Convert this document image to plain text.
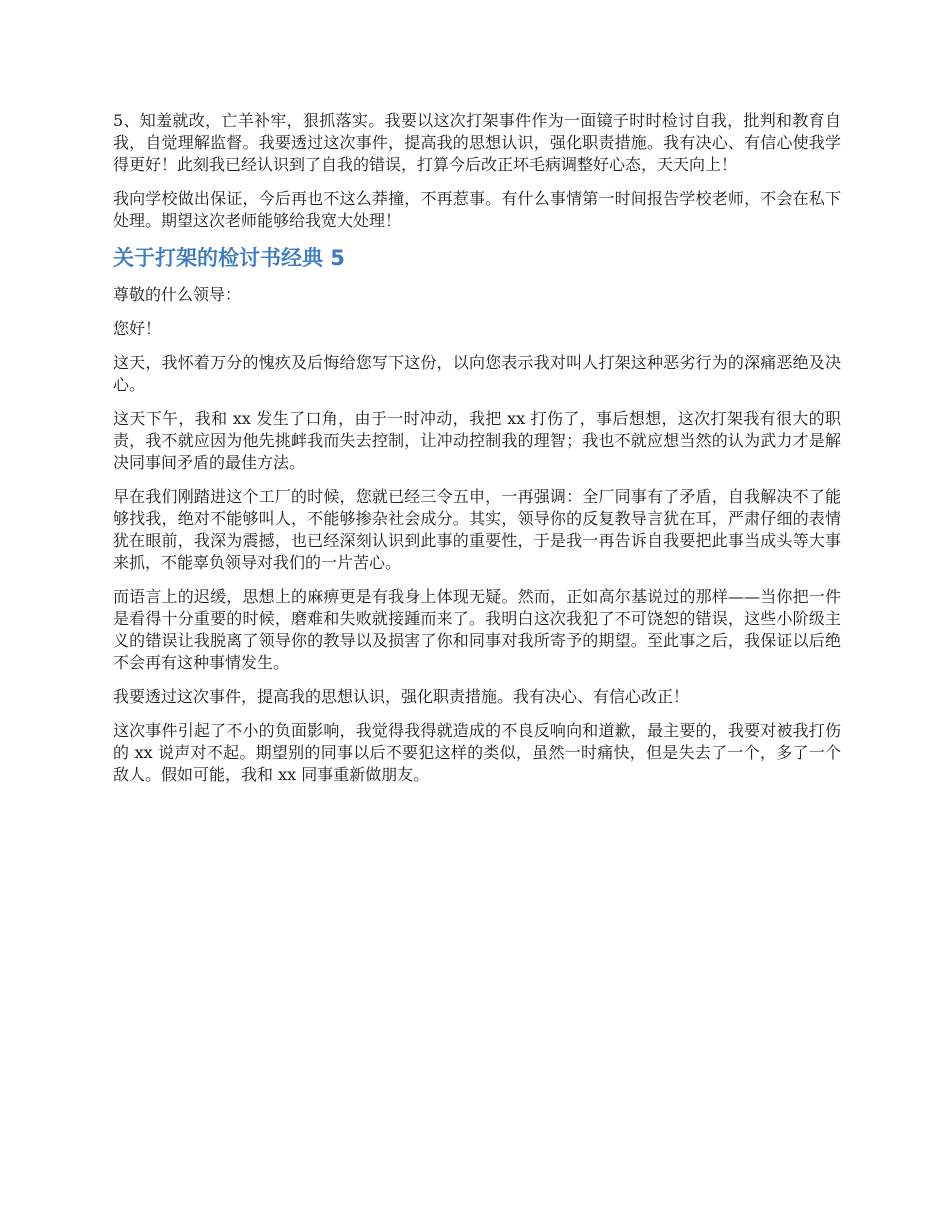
5、知羞就改，亡羊补牢，狠抓落实。我要以这次打架事件作为一面镜子时时检讨自我，批判和教育自我，自觉理解监督。我要透过这次事件，提高我的思想认识，强化职责措施。我有决心、有信心使我学得更好！此刻我已经认识到了自我的错误，打算今后改正坏毛病调整好心态，天天向上！

我向学校做出保证，今后再也不这么莽撞，不再惹事。有什么事情第一时间报告学校老师，不会在私下处理。期望这次老师能够给我宽大处理！

关于打架的检讨书经典 5

尊敬的什么领导：

您好！

这天，我怀着万分的愧疚及后悔给您写下这份，以向您表示我对叫人打架这种恶劣行为的深痛恶绝及决心。

这天下午，我和 xx 发生了口角，由于一时冲动，我把 xx 打伤了，事后想想，这次打架我有很大的职责，我不就应因为他先挑衅我而失去控制，让冲动控制我的理智；我也不就应想当然的认为武力才是解决同事间矛盾的最佳方法。

早在我们刚踏进这个工厂的时候，您就已经三令五申，一再强调：全厂同事有了矛盾，自我解决不了能够找我，绝对不能够叫人，不能够掺杂社会成分。其实，领导你的反复教导言犹在耳，严肃仔细的表情犹在眼前，我深为震撼，也已经深刻认识到此事的重要性，于是我一再告诉自我要把此事当成头等大事来抓，不能辜负领导对我们的一片苦心。

而语言上的迟缓，思想上的麻痹更是有我身上体现无疑。然而，正如高尔基说过的那样——当你把一件是看得十分重要的时候，磨难和失败就接踵而来了。我明白这次我犯了不可饶恕的错误，这些小阶级主义的错误让我脱离了领导你的教导以及损害了你和同事对我所寄予的期望。至此事之后，我保证以后绝不会再有这种事情发生。

我要透过这次事件，提高我的思想认识，强化职责措施。我有决心、有信心改正！

这次事件引起了不小的负面影响，我觉得我得就造成的不良反响向和道歉，最主要的，我要对被我打伤的 xx 说声对不起。期望别的同事以后不要犯这样的类似，虽然一时痛快，但是失去了一个，多了一个敌人。假如可能，我和 xx 同事重新做朋友。
